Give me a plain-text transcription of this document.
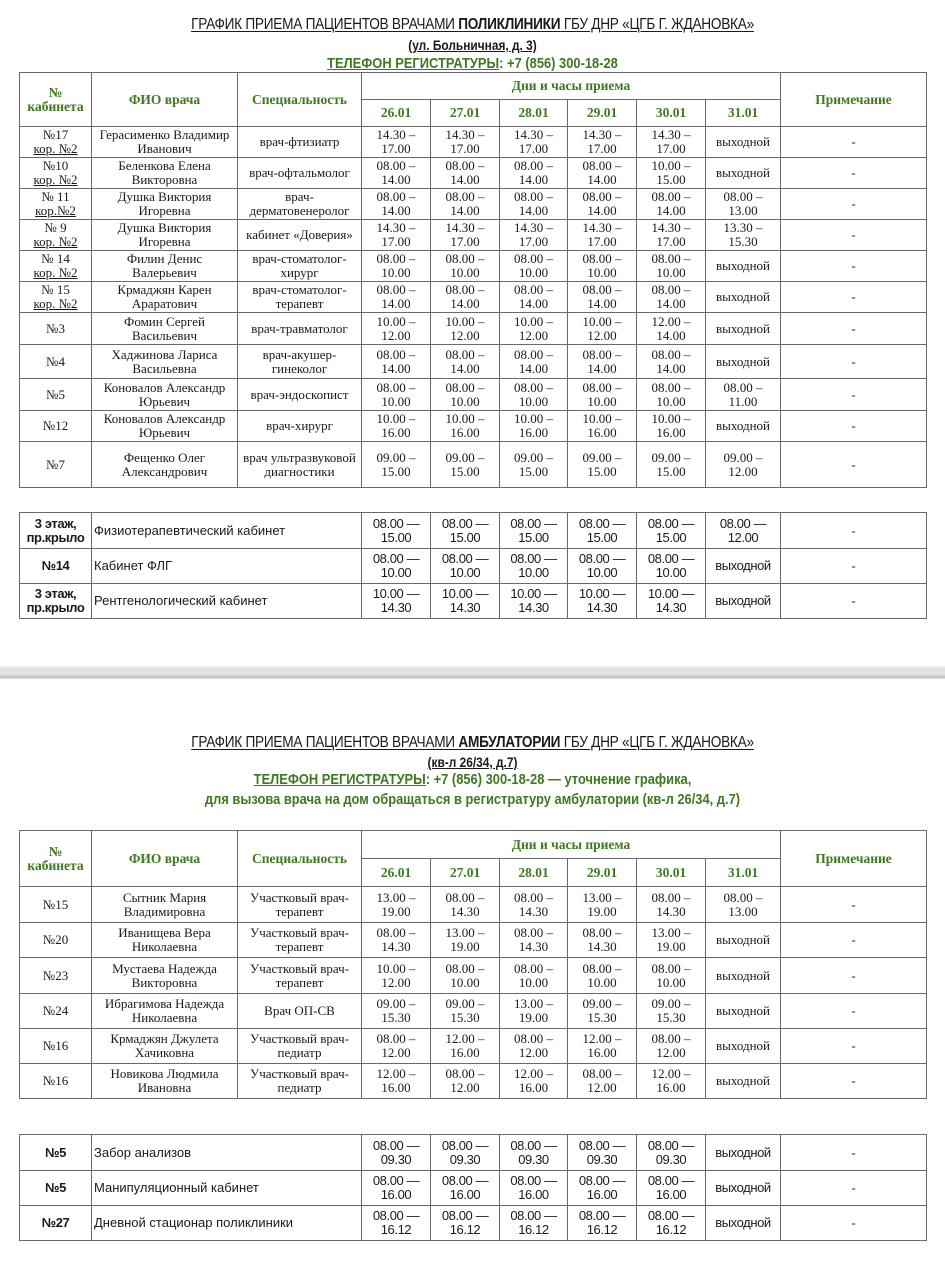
ГРАФИК ПРИЕМА ПАЦИЕНТОВ ВРАЧАМИ ПОЛИКЛИНИКИ ГБУ ДНР «ЦГБ Г. ЖДАНОВКА»
(ул. Больничная, д. 3)
ТЕЛЕФОН РЕГИСТРАТУРЫ: +7 (856) 300-18-28
№ кабинета	ФИО врача	Специальность	Дни и часы приема						Примечание
			26.01	27.01	28.01	29.01	30.01	31.01	
№17
кор. №2	Герасименко Владимир Иванович	врач-фтизиатр	14.30 – 17.00	14.30 – 17.00	14.30 – 17.00	14.30 – 17.00	14.30 – 17.00	выходной	-
№10
кор. №2	Беленкова Елена Викторовна	врач-офтальмолог	08.00 – 14.00	08.00 – 14.00	08.00 – 14.00	08.00 – 14.00	10.00 – 15.00	выходной	-
№ 11
кор.№2	Душка Виктория Игоревна	врач-дерматовенеролог	08.00 – 14.00	08.00 – 14.00	08.00 – 14.00	08.00 – 14.00	08.00 – 14.00	08.00 – 13.00	-
№ 9
кор. №2	Душка Виктория Игоревна	кабинет «Доверия»	14.30 – 17.00	14.30 – 17.00	14.30 – 17.00	14.30 – 17.00	14.30 – 17.00	13.30 – 15.30	-
№ 14
кор. №2	Филин Денис Валерьевич	врач-стоматолог-хирург	08.00 – 10.00	08.00 – 10.00	08.00 – 10.00	08.00 – 10.00	08.00 – 10.00	выходной	-
№ 15
кор. №2	Крмаджян Карен Араратович	врач-стоматолог-терапевт	08.00 – 14.00	08.00 – 14.00	08.00 – 14.00	08.00 – 14.00	08.00 – 14.00	выходной	-
№3	Фомин Сергей Васильевич	врач-травматолог	10.00 – 12.00	10.00 – 12.00	10.00 – 12.00	10.00 – 12.00	12.00 – 14.00	выходной	-
№4	Хаджинова Лариса Васильевна	врач-акушер-гинеколог	08.00 – 14.00	08.00 – 14.00	08.00 – 14.00	08.00 – 14.00	08.00 – 14.00	выходной	-
№5	Коновалов Александр Юрьевич	врач-эндоскопист	08.00 – 10.00	08.00 – 10.00	08.00 – 10.00	08.00 – 10.00	08.00 – 10.00	08.00 – 11.00	-
№12	Коновалов Александр Юрьевич	врач-хирург	10.00 – 16.00	10.00 – 16.00	10.00 – 16.00	10.00 – 16.00	10.00 – 16.00	выходной	-
№7	Фещенко Олег Александрович	врач ультразвуковой диагностики	09.00 – 15.00	09.00 – 15.00	09.00 – 15.00	09.00 – 15.00	09.00 – 15.00	09.00 – 12.00	-
3 этаж, пр.крыло	Физиотерапевтический кабинет	08.00 — 15.00	08.00 — 15.00	08.00 — 15.00	08.00 — 15.00	08.00 — 15.00	08.00 — 12.00	-
№14	Кабинет ФЛГ	08.00 — 10.00	08.00 — 10.00	08.00 — 10.00	08.00 — 10.00	08.00 — 10.00	выходной	-
3 этаж, пр.крыло	Рентгенологический кабинет	10.00 — 14.30	10.00 — 14.30	10.00 — 14.30	10.00 — 14.30	10.00 — 14.30	выходной	-
ГРАФИК ПРИЕМА ПАЦИЕНТОВ ВРАЧАМИ АМБУЛАТОРИИ ГБУ ДНР «ЦГБ Г. ЖДАНОВКА»
(кв-л 26/34, д.7)
ТЕЛЕФОН РЕГИСТРАТУРЫ: +7 (856) 300-18-28 — уточнение графика,
для вызова врача на дом обращаться в регистратуру амбулатории (кв-л 26/34, д.7)
№ кабинета	ФИО врача	Специальность	Дни и часы приема						Примечание
			26.01	27.01	28.01	29.01	30.01	31.01	
№15	Сытник Мария Владимировна	Участковый врач-терапевт	13.00 – 19.00	08.00 – 14.30	08.00 – 14.30	13.00 – 19.00	08.00 – 14.30	08.00 – 13.00	-
№20	Иванищева Вера Николаевна	Участковый врач-терапевт	08.00 – 14.30	13.00 – 19.00	08.00 – 14.30	08.00 – 14.30	13.00 – 19.00	выходной	-
№23	Мустаева Надежда Викторовна	Участковый врач-терапевт	10.00 – 12.00	08.00 – 10.00	08.00 – 10.00	08.00 – 10.00	08.00 – 10.00	выходной	-
№24	Ибрагимова Надежда Николаевна	Врач ОП-СВ	09.00 – 15.30	09.00 – 15.30	13.00 – 19.00	09.00 – 15.30	09.00 – 15.30	выходной	-
№16	Крмаджян Джулета Хачиковна	Участковый врач-педиатр	08.00 – 12.00	12.00 – 16.00	08.00 – 12.00	12.00 – 16.00	08.00 – 12.00	выходной	-
№16	Новикова Людмила Ивановна	Участковый врач-педиатр	12.00 – 16.00	08.00 – 12.00	12.00 – 16.00	08.00 – 12.00	12.00 – 16.00	выходной	-
№5	Забор анализов	08.00 — 09.30	08.00 — 09.30	08.00 — 09.30	08.00 — 09.30	08.00 — 09.30	выходной	-
№5	Манипуляционный кабинет	08.00 — 16.00	08.00 — 16.00	08.00 — 16.00	08.00 — 16.00	08.00 — 16.00	выходной	-
№27	Дневной стационар поликлиники	08.00 — 16.12	08.00 — 16.12	08.00 — 16.12	08.00 — 16.12	08.00 — 16.12	выходной	-
